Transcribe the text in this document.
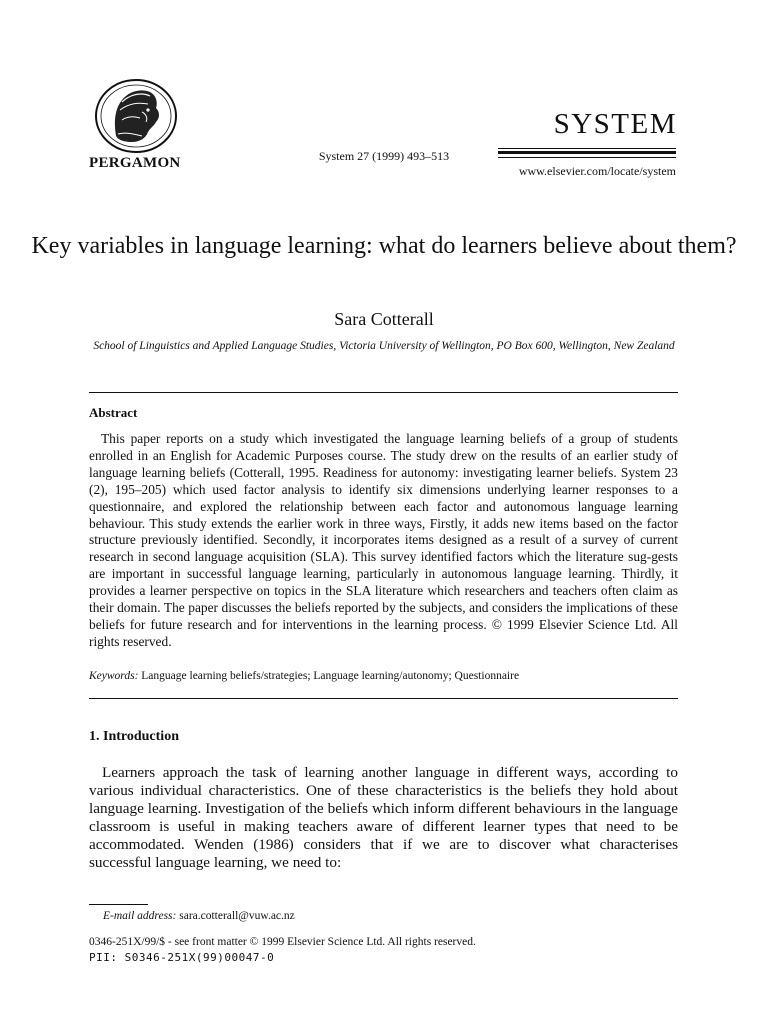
PERGAMON	System 27 (1999) 493–513
SYSTEM
www.elsevier.com/locate/system
Key variables in language learning: what do learners believe about them?
Sara Cotterall
School of Linguistics and Applied Language Studies, Victoria University of Wellington, PO Box 600, Wellington, New Zealand
Abstract

This paper reports on a study which investigated the language learning beliefs of a group of students enrolled in an English for Academic Purposes course. The study drew on the results of an earlier study of language learning beliefs (Cotterall, 1995. Readiness for autonomy: investigating learner beliefs. System 23 (2), 195–205) which used factor analysis to identify six dimensions underlying learner responses to a questionnaire, and explored the relationship between each factor and autonomous language learning behaviour. This study extends the earlier work in three ways, Firstly, it adds new items based on the factor structure previously identified. Secondly, it incorporates items designed as a result of a survey of current research in second language acquisition (SLA). This survey identified factors which the literature sug-gests are important in successful language learning, particularly in autonomous language learning. Thirdly, it provides a learner perspective on topics in the SLA literature which researchers and teachers often claim as their domain. The paper discusses the beliefs reported by the subjects, and considers the implications of these beliefs for future research and for interventions in the learning process. © 1999 Elsevier Science Ltd. All rights reserved.

Keywords: Language learning beliefs/strategies; Language learning/autonomy; Questionnaire
1. Introduction

Learners approach the task of learning another language in different ways, according to various individual characteristics. One of these characteristics is the beliefs they hold about language learning. Investigation of the beliefs which inform different behaviours in the language classroom is useful in making teachers aware of different learner types that need to be accommodated. Wenden (1986) considers that if we are to discover what characterises successful language learning, we need to:

E-mail address: sara.cotterall@vuw.ac.nz
0346-251X/99/$ - see front matter © 1999 Elsevier Science Ltd. All rights reserved.
PII: S0346-251X(99)00047-0
